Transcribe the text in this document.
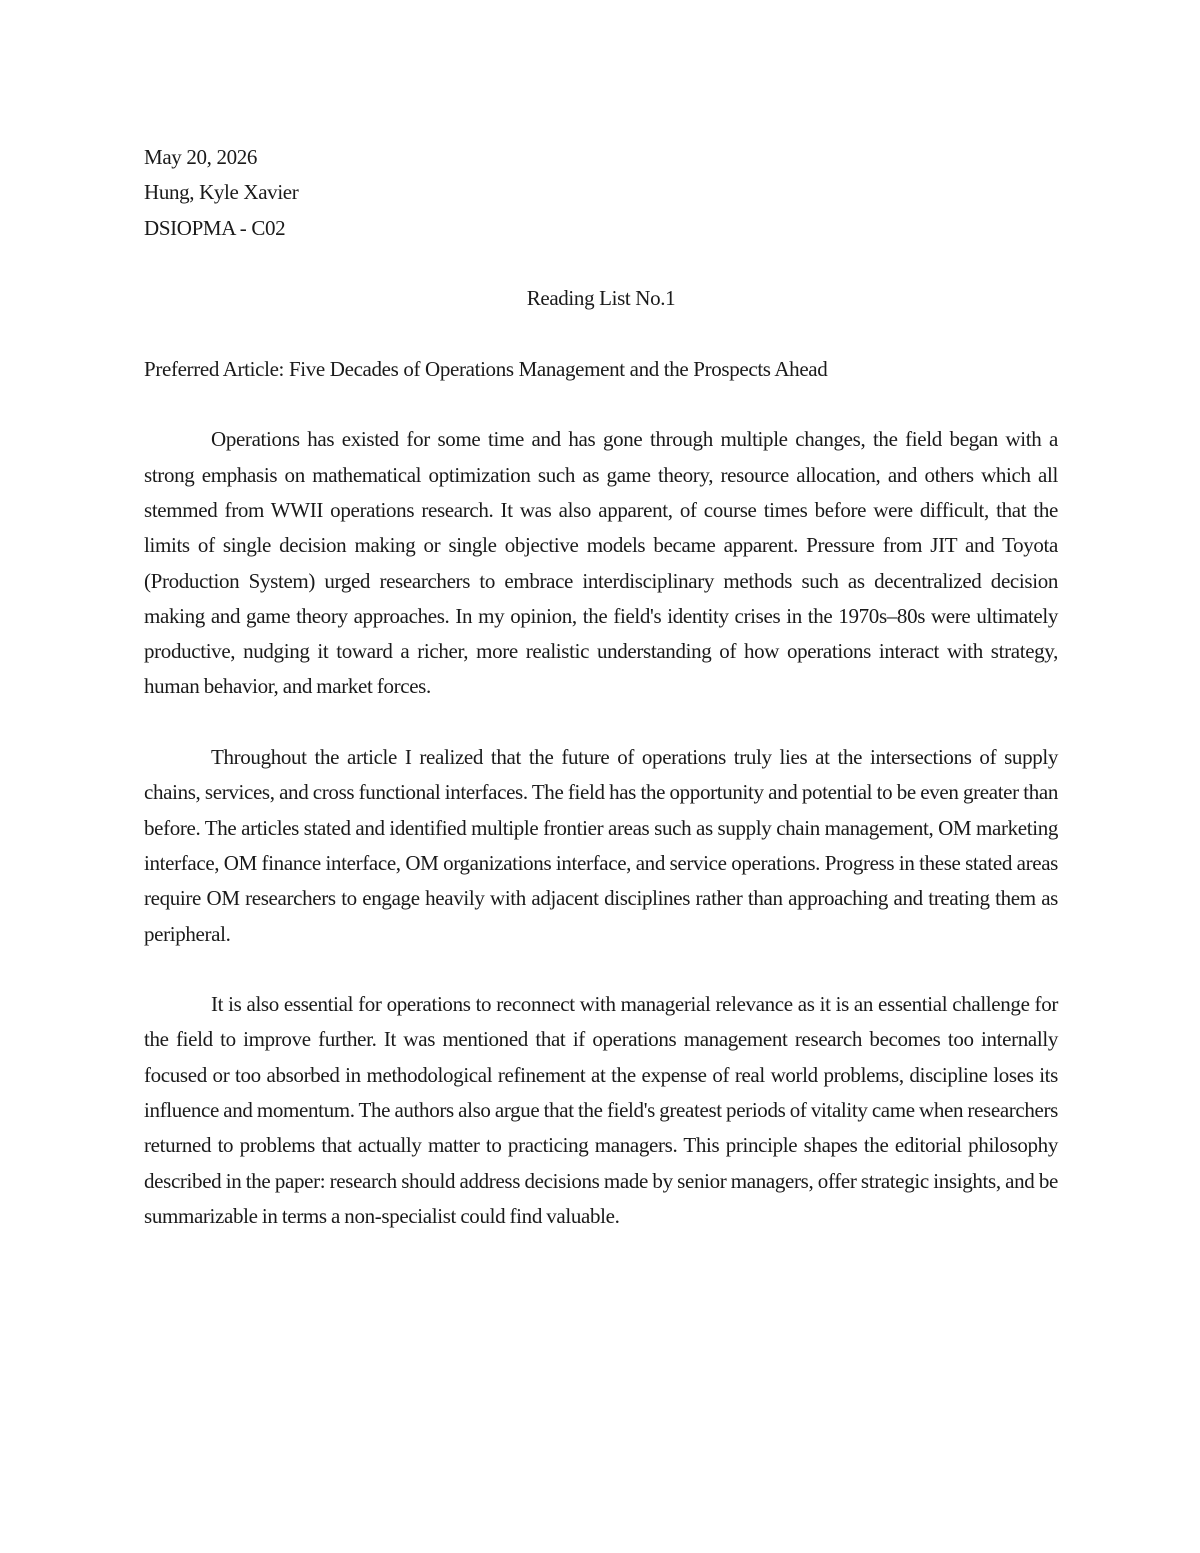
May 20, 2026
Hung, Kyle Xavier
DSIOPMA - C02
Reading List No.1
Preferred Article: Five Decades of Operations Management and the Prospects Ahead

Operations has existed for some time and has gone through multiple changes, the field began with a strong emphasis on mathematical optimization such as game theory, resource allocation, and others which all stemmed from WWII operations research. It was also apparent, of course times before were difficult, that the limits of single decision making or single objective models became apparent. Pressure from JIT and Toyota (Production System) urged researchers to embrace interdisciplinary methods such as decentralized decision making and game theory approaches. In my opinion, the field's identity crises in the 1970s–80s were ultimately productive, nudging it toward a richer, more realistic understanding of how operations interact with strategy, human behavior, and market forces.

Throughout the article I realized that the future of operations truly lies at the intersections of supply chains, services, and cross functional interfaces. The field has the opportunity and potential to be even greater than before. The articles stated and identified multiple frontier areas such as supply chain management, OM marketing interface, OM finance interface, OM organizations interface, and service operations. Progress in these stated areas require OM researchers to engage heavily with adjacent disciplines rather than approaching and treating them as peripheral.

It is also essential for operations to reconnect with managerial relevance as it is an essential challenge for the field to improve further. It was mentioned that if operations management research becomes too internally focused or too absorbed in methodological refinement at the expense of real world problems, discipline loses its influence and momentum. The authors also argue that the field's greatest periods of vitality came when researchers returned to problems that actually matter to practicing managers. This principle shapes the editorial philosophy described in the paper: research should address decisions made by senior managers, offer strategic insights, and be summarizable in terms a non-specialist could find valuable.
